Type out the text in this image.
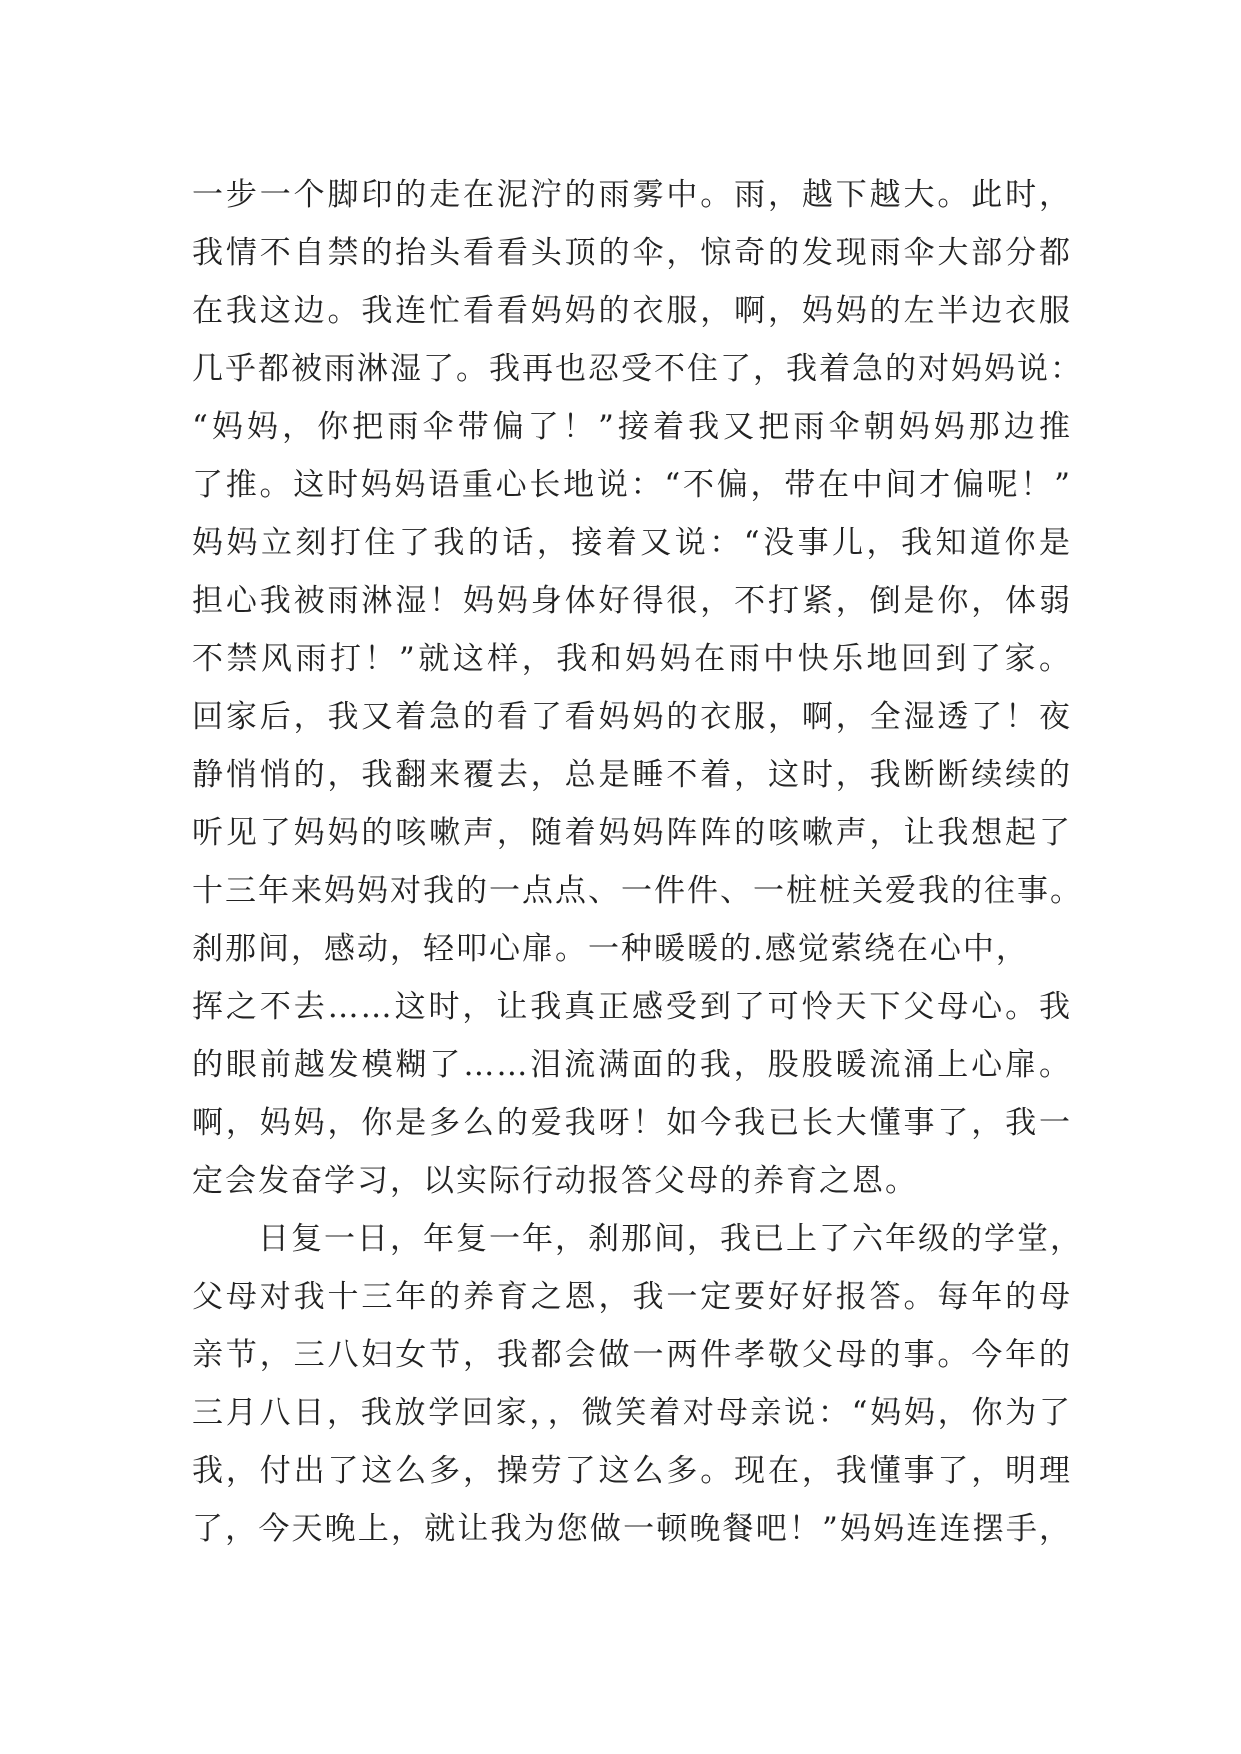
一步一个脚印的走在泥泞的雨雾中。雨，越下越大。此时，
我情不自禁的抬头看看头顶的伞，惊奇的发现雨伞大部分都
在我这边。我连忙看看妈妈的衣服，啊，妈妈的左半边衣服
几乎都被雨淋湿了。我再也忍受不住了，我着急的对妈妈说：
“妈妈，你把雨伞带偏了！”接着我又把雨伞朝妈妈那边推
了推。这时妈妈语重心长地说：“不偏，带在中间才偏呢！”
妈妈立刻打住了我的话，接着又说：“没事儿，我知道你是
担心我被雨淋湿！妈妈身体好得很，不打紧，倒是你，体弱
不禁风雨打！”就这样，我和妈妈在雨中快乐地回到了家。
回家后，我又着急的看了看妈妈的衣服，啊，全湿透了！夜
静悄悄的，我翻来覆去，总是睡不着，这时，我断断续续的
听见了妈妈的咳嗽声，随着妈妈阵阵的咳嗽声，让我想起了
十三年来妈妈对我的一点点、一件件、一桩桩关爱我的往事。
刹那间，感动，轻叩心扉。一种暖暖的.感觉萦绕在心中，
挥之不去……这时，让我真正感受到了可怜天下父母心。我
的眼前越发模糊了……泪流满面的我，股股暖流涌上心扉。
啊，妈妈，你是多么的爱我呀！如今我已长大懂事了，我一
定会发奋学习，以实际行动报答父母的养育之恩。
日复一日，年复一年，刹那间，我已上了六年级的学堂，
父母对我十三年的养育之恩，我一定要好好报答。每年的母
亲节，三八妇女节，我都会做一两件孝敬父母的事。今年的
三月八日，我放学回家，，微笑着对母亲说：“妈妈，你为了
我，付出了这么多，操劳了这么多。现在，我懂事了，明理
了，今天晚上，就让我为您做一顿晚餐吧！”妈妈连连摆手，
